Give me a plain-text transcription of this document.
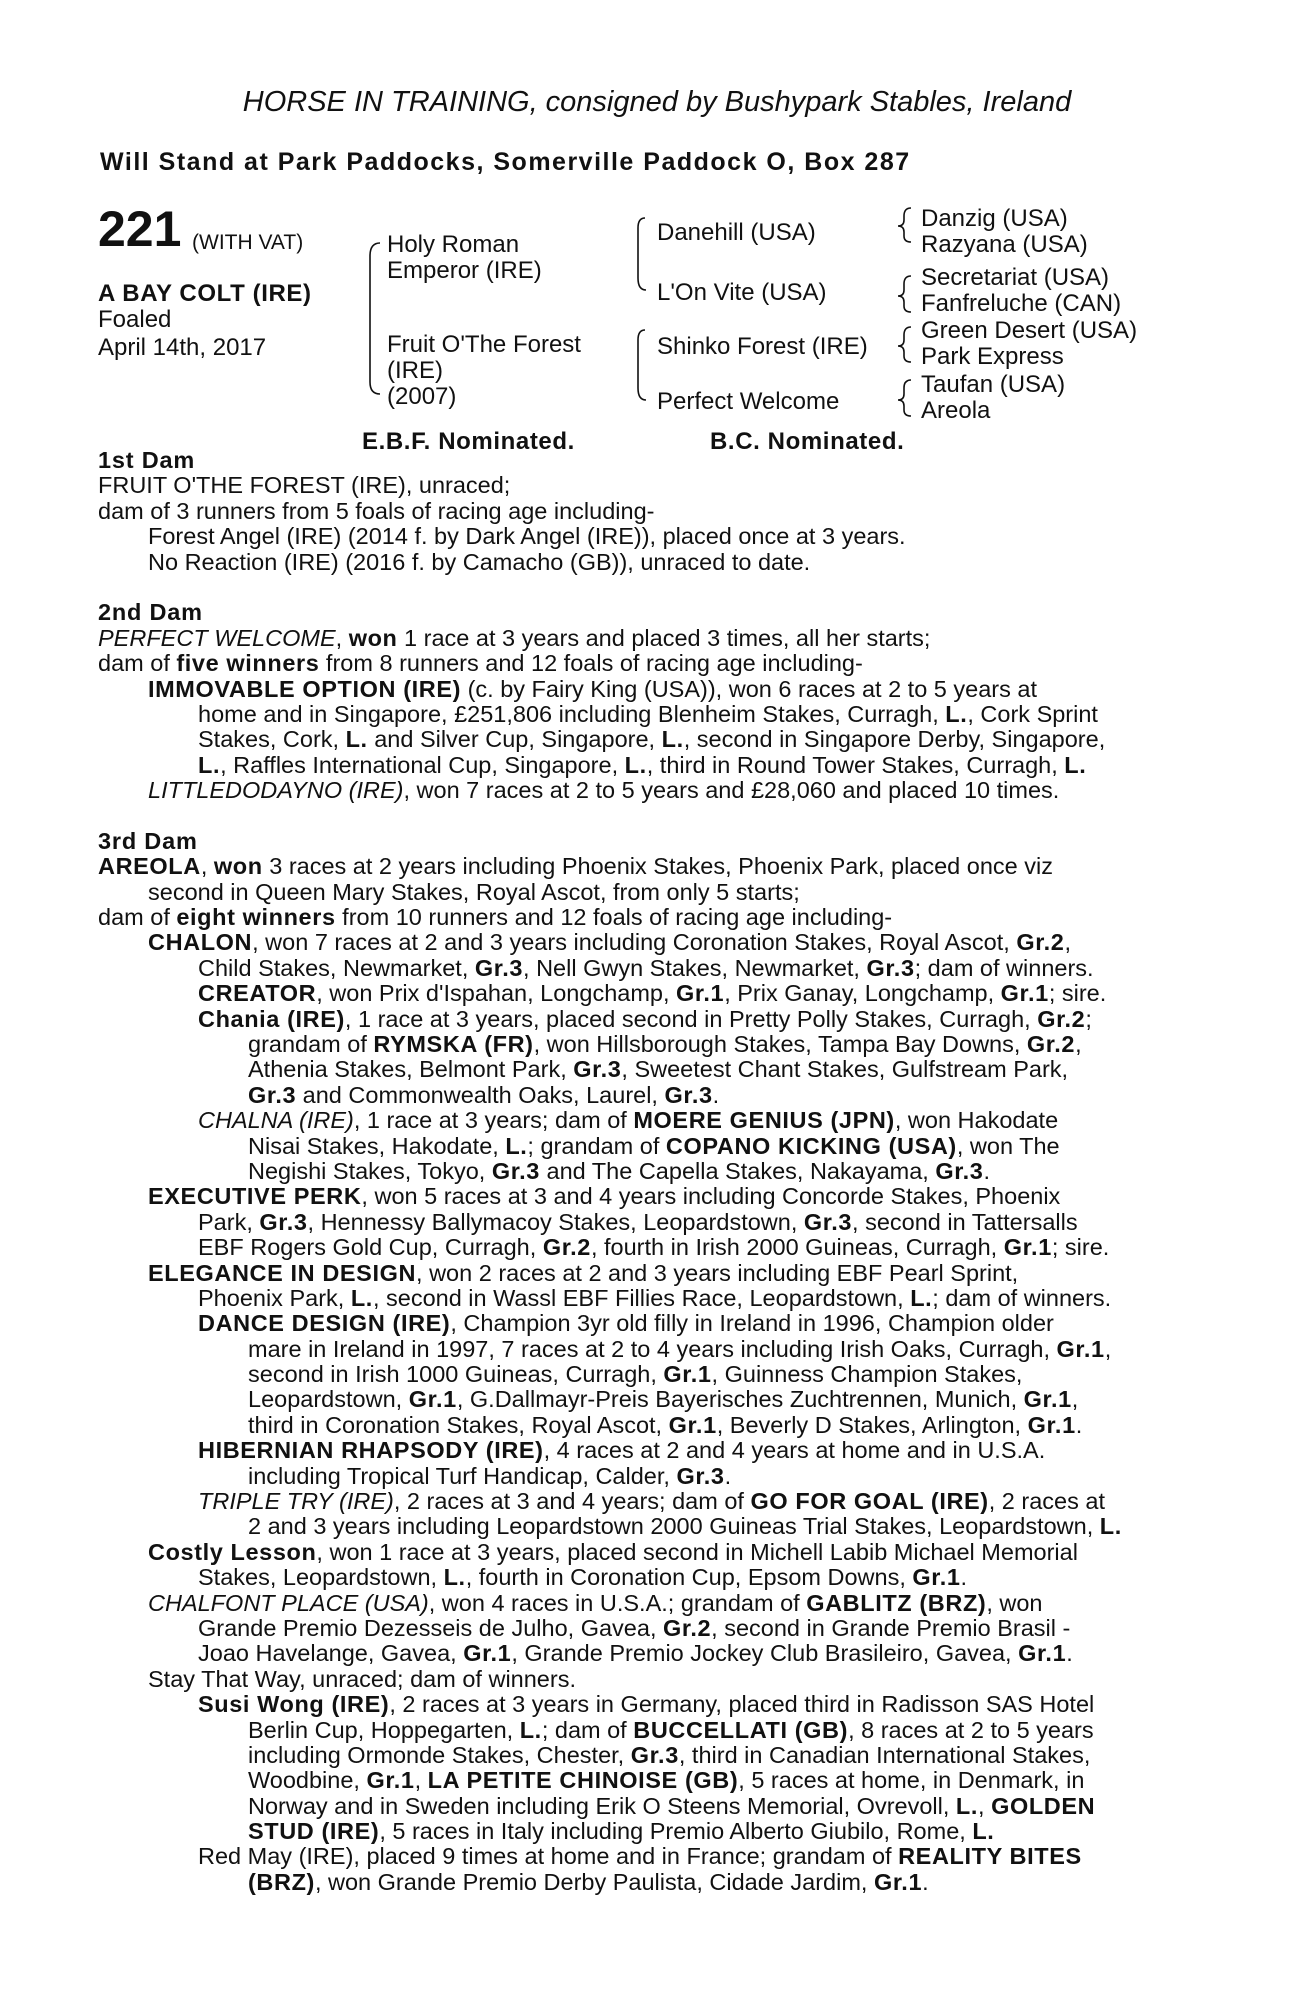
HORSE IN TRAINING, consigned by Bushypark Stables, Ireland
Will Stand at Park Paddocks, Somerville Paddock O, Box 287
221 (WITH VAT)
A BAY COLT (IRE)
Foaled
April 14th, 2017
Holy Roman
Emperor (IRE)
Fruit O'The Forest
(IRE)
(2007)
Danehill (USA)
L'On Vite (USA)
Shinko Forest (IRE)
Perfect Welcome
Danzig (USA)
Razyana (USA)
Secretariat (USA)
Fanfreluche (CAN)
Green Desert (USA)
Park Express
Taufan (USA)
Areola
E.B.F. Nominated.	B.C. Nominated.
1st Dam
FRUIT O'THE FOREST (IRE), unraced;
dam of 3 runners from 5 foals of racing age including-
Forest Angel (IRE) (2014 f. by Dark Angel (IRE)), placed once at 3 years.
No Reaction (IRE) (2016 f. by Camacho (GB)), unraced to date.
2nd Dam
PERFECT WELCOME, won 1 race at 3 years and placed 3 times, all her starts;
dam of five winners from 8 runners and 12 foals of racing age including-
IMMOVABLE OPTION (IRE) (c. by Fairy King (USA)), won 6 races at 2 to 5 years at
home and in Singapore, £251,806 including Blenheim Stakes, Curragh, L., Cork Sprint
Stakes, Cork, L. and Silver Cup, Singapore, L., second in Singapore Derby, Singapore,
L., Raffles International Cup, Singapore, L., third in Round Tower Stakes, Curragh, L.
LITTLEDODAYNO (IRE), won 7 races at 2 to 5 years and £28,060 and placed 10 times.
3rd Dam
AREOLA, won 3 races at 2 years including Phoenix Stakes, Phoenix Park, placed once viz
second in Queen Mary Stakes, Royal Ascot, from only 5 starts;
dam of eight winners from 10 runners and 12 foals of racing age including-
CHALON, won 7 races at 2 and 3 years including Coronation Stakes, Royal Ascot, Gr.2,
Child Stakes, Newmarket, Gr.3, Nell Gwyn Stakes, Newmarket, Gr.3; dam of winners.
CREATOR, won Prix d'Ispahan, Longchamp, Gr.1, Prix Ganay, Longchamp, Gr.1; sire.
Chania (IRE), 1 race at 3 years, placed second in Pretty Polly Stakes, Curragh, Gr.2;
grandam of RYMSKA (FR), won Hillsborough Stakes, Tampa Bay Downs, Gr.2,
Athenia Stakes, Belmont Park, Gr.3, Sweetest Chant Stakes, Gulfstream Park,
Gr.3 and Commonwealth Oaks, Laurel, Gr.3.
CHALNA (IRE), 1 race at 3 years; dam of MOERE GENIUS (JPN), won Hakodate
Nisai Stakes, Hakodate, L.; grandam of COPANO KICKING (USA), won The
Negishi Stakes, Tokyo, Gr.3 and The Capella Stakes, Nakayama, Gr.3.
EXECUTIVE PERK, won 5 races at 3 and 4 years including Concorde Stakes, Phoenix
Park, Gr.3, Hennessy Ballymacoy Stakes, Leopardstown, Gr.3, second in Tattersalls
EBF Rogers Gold Cup, Curragh, Gr.2, fourth in Irish 2000 Guineas, Curragh, Gr.1; sire.
ELEGANCE IN DESIGN, won 2 races at 2 and 3 years including EBF Pearl Sprint,
Phoenix Park, L., second in Wassl EBF Fillies Race, Leopardstown, L.; dam of winners.
DANCE DESIGN (IRE), Champion 3yr old filly in Ireland in 1996, Champion older
mare in Ireland in 1997, 7 races at 2 to 4 years including Irish Oaks, Curragh, Gr.1,
second in Irish 1000 Guineas, Curragh, Gr.1, Guinness Champion Stakes,
Leopardstown, Gr.1, G.Dallmayr-Preis Bayerisches Zuchtrennen, Munich, Gr.1,
third in Coronation Stakes, Royal Ascot, Gr.1, Beverly D Stakes, Arlington, Gr.1.
HIBERNIAN RHAPSODY (IRE), 4 races at 2 and 4 years at home and in U.S.A.
including Tropical Turf Handicap, Calder, Gr.3.
TRIPLE TRY (IRE), 2 races at 3 and 4 years; dam of GO FOR GOAL (IRE), 2 races at
2 and 3 years including Leopardstown 2000 Guineas Trial Stakes, Leopardstown, L.
Costly Lesson, won 1 race at 3 years, placed second in Michell Labib Michael Memorial
Stakes, Leopardstown, L., fourth in Coronation Cup, Epsom Downs, Gr.1.
CHALFONT PLACE (USA), won 4 races in U.S.A.; grandam of GABLITZ (BRZ), won
Grande Premio Dezesseis de Julho, Gavea, Gr.2, second in Grande Premio Brasil -
Joao Havelange, Gavea, Gr.1, Grande Premio Jockey Club Brasileiro, Gavea, Gr.1.
Stay That Way, unraced; dam of winners.
Susi Wong (IRE), 2 races at 3 years in Germany, placed third in Radisson SAS Hotel
Berlin Cup, Hoppegarten, L.; dam of BUCCELLATI (GB), 8 races at 2 to 5 years
including Ormonde Stakes, Chester, Gr.3, third in Canadian International Stakes,
Woodbine, Gr.1, LA PETITE CHINOISE (GB), 5 races at home, in Denmark, in
Norway and in Sweden including Erik O Steens Memorial, Ovrevoll, L., GOLDEN
STUD (IRE), 5 races in Italy including Premio Alberto Giubilo, Rome, L.
Red May (IRE), placed 9 times at home and in France; grandam of REALITY BITES
(BRZ), won Grande Premio Derby Paulista, Cidade Jardim, Gr.1.
